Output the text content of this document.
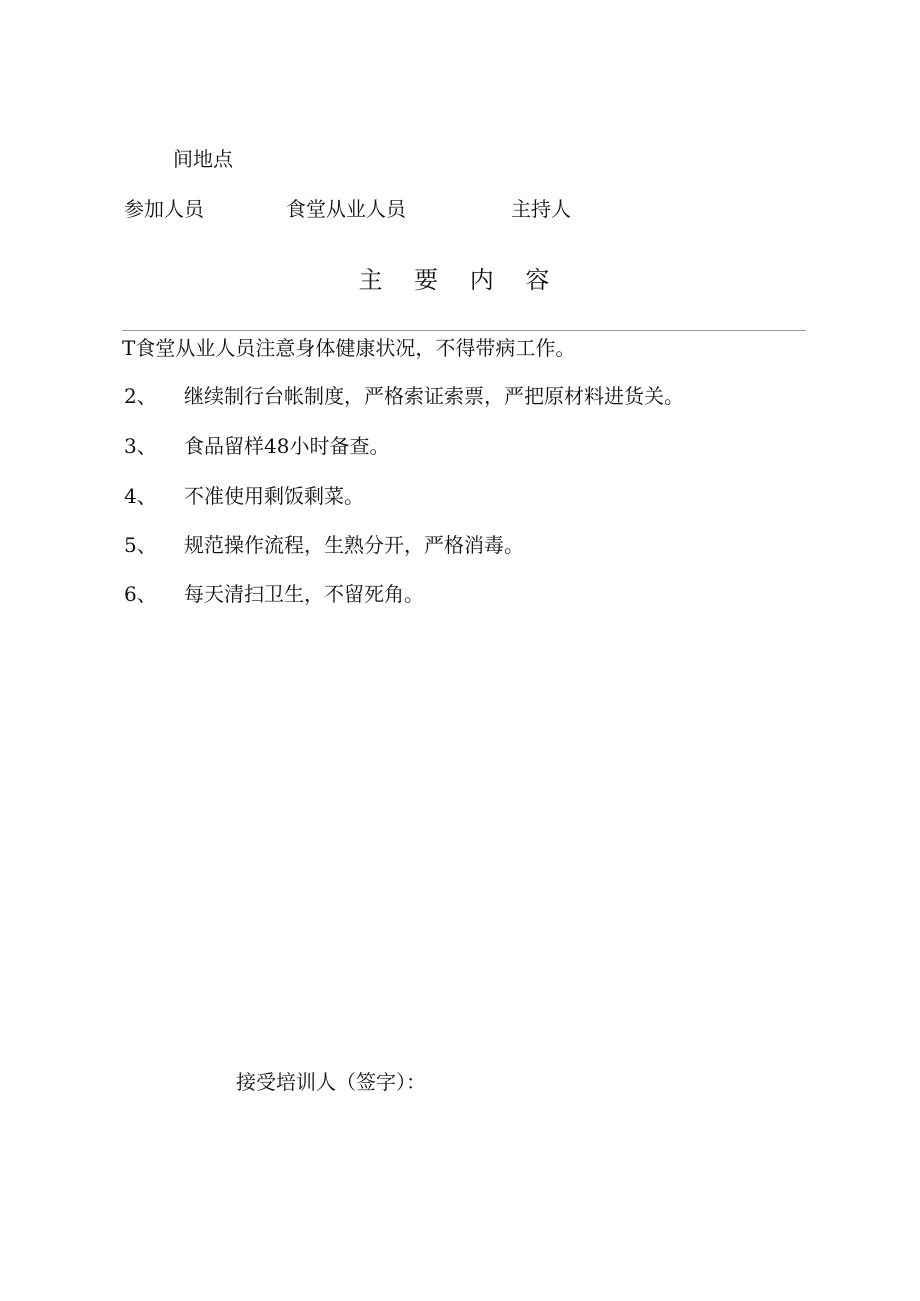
间地点
参加人员	食堂从业人员	主持人
主 要 内 容
T食堂从业人员注意身体健康状况，不得带病工作。
2、 继续制行台帐制度，严格索证索票，严把原材料进货关。
3、 食品留样48小时备查。
4、 不准使用剩饭剩菜。
5、 规范操作流程，生熟分开，严格消毒。
6、 每天清扫卫生，不留死角。
接受培训人（签字）：
